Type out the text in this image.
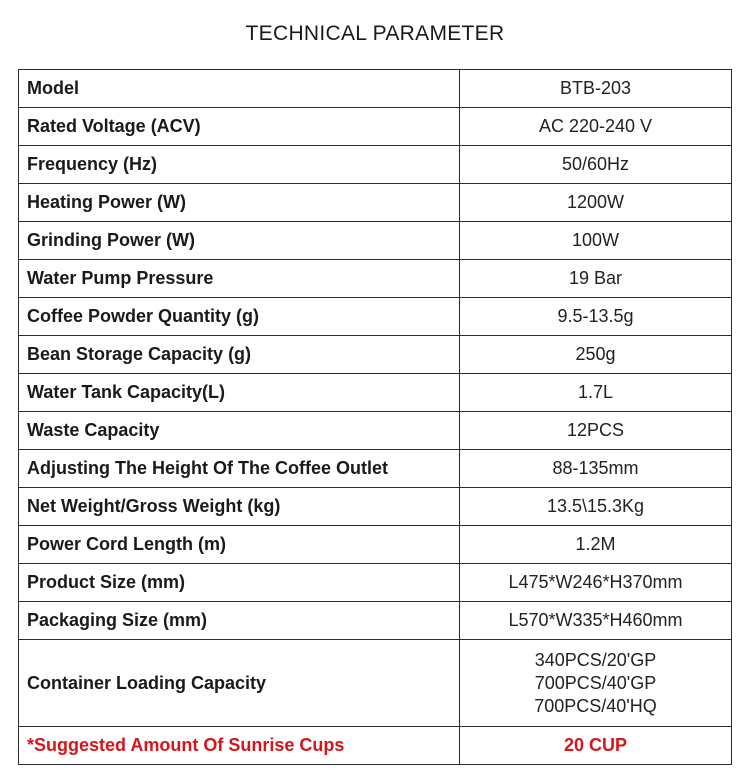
TECHNICAL PARAMETER
Model	BTB-203
Rated Voltage (ACV)	AC 220-240 V
Frequency (Hz)	50/60Hz
Heating Power (W)	1200W
Grinding Power (W)	100W
Water Pump Pressure	19 Bar
Coffee Powder Quantity (g)	9.5-13.5g
Bean Storage Capacity (g)	250g
Water Tank Capacity(L)	1.7L
Waste Capacity	12PCS
Adjusting The Height Of The Coffee Outlet	88-135mm
Net Weight/Gross Weight (kg)	13.5\15.3Kg
Power Cord Length (m)	1.2M
Product Size (mm)	L475*W246*H370mm
Packaging Size (mm)	L570*W335*H460mm
Container Loading Capacity	340PCS/20'GP
700PCS/40'GP
700PCS/40'HQ

*Suggested Amount Of Sunrise Cups	20 CUP
